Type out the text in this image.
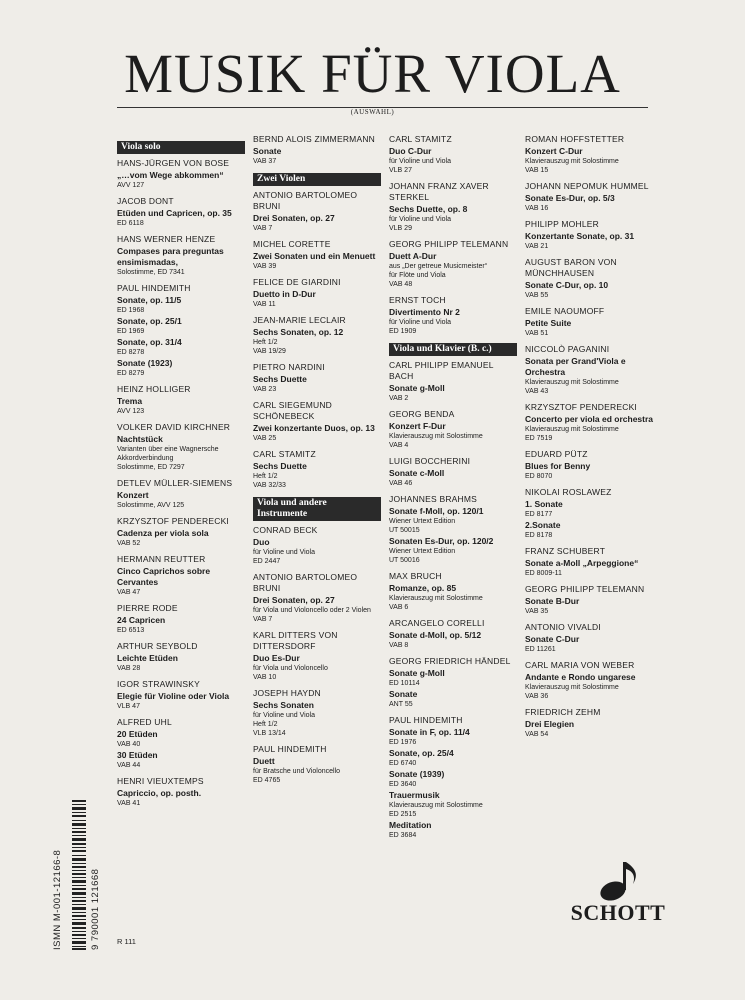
MUSIK FÜR VIOLA
(AUSWAHL)
Viola solo
HANS-JÜRGEN VON BOSE
„…vom Wege abkommen“
AVV 127
JACOB DONT
Etüden und Capricen, op. 35
ED 6118
HANS WERNER HENZE
Compases para preguntas ensimismadas,
Solostimme, ED 7341
PAUL HINDEMITH
Sonate, op. 11/5
ED 1968
Sonate, op. 25/1
ED 1969
Sonate, op. 31/4
ED 8278
Sonate (1923)
ED 8279
HEINZ HOLLIGER
Trema
AVV 123
VOLKER DAVID KIRCHNER
Nachtstück
Varianten über eine Wagnersche Akkordverbindung
Solostimme, ED 7297
DETLEV MÜLLER-SIEMENS
Konzert
Solostimme, AVV 125
KRZYSZTOF PENDERECKI
Cadenza per viola sola
VAB 52
HERMANN REUTTER
Cinco Caprichos sobre Cervantes
VAB 47
PIERRE RODE
24 Capricen
ED 6513
ARTHUR SEYBOLD
Leichte Etüden
VAB 28
IGOR STRAWINSKY
Elegie für Violine oder Viola
VLB 47
ALFRED UHL
20 Etüden
VAB 40
30 Etüden
VAB 44
HENRI VIEUXTEMPS
Capriccio, op. posth.
VAB 41
BERND ALOIS ZIMMERMANN
Sonate
VAB 37
Zwei Violen
ANTONIO BARTOLOMEO BRUNI
Drei Sonaten, op. 27
VAB 7
MICHEL CORETTE
Zwei Sonaten und ein Menuett
VAB 39
FELICE DE GIARDINI
Duetto in D-Dur
VAB 11
JEAN-MARIE LECLAIR
Sechs Sonaten, op. 12
Heft 1/2
VAB 19/29
PIETRO NARDINI
Sechs Duette
VAB 23
CARL SIEGEMUND SCHÖNEBECK
Zwei konzertante Duos, op. 13
VAB 25
CARL STAMITZ
Sechs Duette
Heft 1/2
VAB 32/33
Viola und andere Instrumente
CONRAD BECK
Duo
für Violine und Viola
ED 2447
ANTONIO BARTOLOMEO BRUNI
Drei Sonaten, op. 27
für Viola und Violoncello oder 2 Violen
VAB 7
KARL DITTERS VON DITTERSDORF
Duo Es-Dur
für Viola und Violoncello
VAB 10
JOSEPH HAYDN
Sechs Sonaten
für Violine und Viola
Heft 1/2
VLB 13/14
PAUL HINDEMITH
Duett
für Bratsche und Violoncello
ED 4765
CARL STAMITZ
Duo C-Dur
für Violine und Viola
VLB 27
JOHANN FRANZ XAVER STERKEL
Sechs Duette, op. 8
für Violine und Viola
VLB 29
GEORG PHILIPP TELEMANN
Duett A-Dur
aus „Der getreue Musicmeister“
für Flöte und Viola
VAB 48
ERNST TOCH
Divertimento Nr 2
für Violine und Viola
ED 1909
Viola und Klavier (B. c.)
CARL PHILIPP EMANUEL BACH
Sonate g-Moll
VAB 2
GEORG BENDA
Konzert F-Dur
Klavierauszug mit Solostimme
VAB 4
LUIGI BOCCHERINI
Sonate c-Moll
VAB 46
JOHANNES BRAHMS
Sonate f-Moll, op. 120/1
Wiener Urtext Edition
UT 50015
Sonaten Es-Dur, op. 120/2
Wiener Urtext Edition
UT 50016
MAX BRUCH
Romanze, op. 85
Klavierauszug mit Solostimme
VAB 6
ARCANGELO CORELLI
Sonate d-Moll, op. 5/12
VAB 8
GEORG FRIEDRICH HÄNDEL
Sonate g-Moll
ED 10114
Sonate
ANT 55
PAUL HINDEMITH
Sonate in F, op. 11/4
ED 1976
Sonate, op. 25/4
ED 6740
Sonate (1939)
ED 3640
Trauermusik
Klavierauszug mit Solostimme
ED 2515
Meditation
ED 3684
ROMAN HOFFSTETTER
Konzert C-Dur
Klavierauszug mit Solostimme
VAB 15
JOHANN NEPOMUK HUMMEL
Sonate Es-Dur, op. 5/3
VAB 16
PHILIPP MOHLER
Konzertante Sonate, op. 31
VAB 21
AUGUST BARON VON MÜNCHHAUSEN
Sonate C-Dur, op. 10
VAB 55
EMILE NAOUMOFF
Petite Suite
VAB 51
NICCOLÒ PAGANINI
Sonata per Grand'Viola e Orchestra
Klavierauszug mit Solostimme
VAB 43
KRZYSZTOF PENDERECKI
Concerto per viola ed orchestra
Klavierauszug mit Solostimme
ED 7519
EDUARD PÜTZ
Blues for Benny
ED 8070
NIKOLAI ROSLAWEZ
1. Sonate
ED 8177
2.Sonate
ED 8178
FRANZ SCHUBERT
Sonate a-Moll „Arpeggione“
ED 8009-11
GEORG PHILIPP TELEMANN
Sonate B-Dur
VAB 35
ANTONIO VIVALDI
Sonate C-Dur
ED 11261
CARL MARIA VON WEBER
Andante e Rondo ungarese
Klavierauszug mit Solostimme
VAB 36
FRIEDRICH ZEHM
Drei Elegien
VAB 54
ISMN M-001-12166-8	9 790001 121668 R 111
SCHOTT
